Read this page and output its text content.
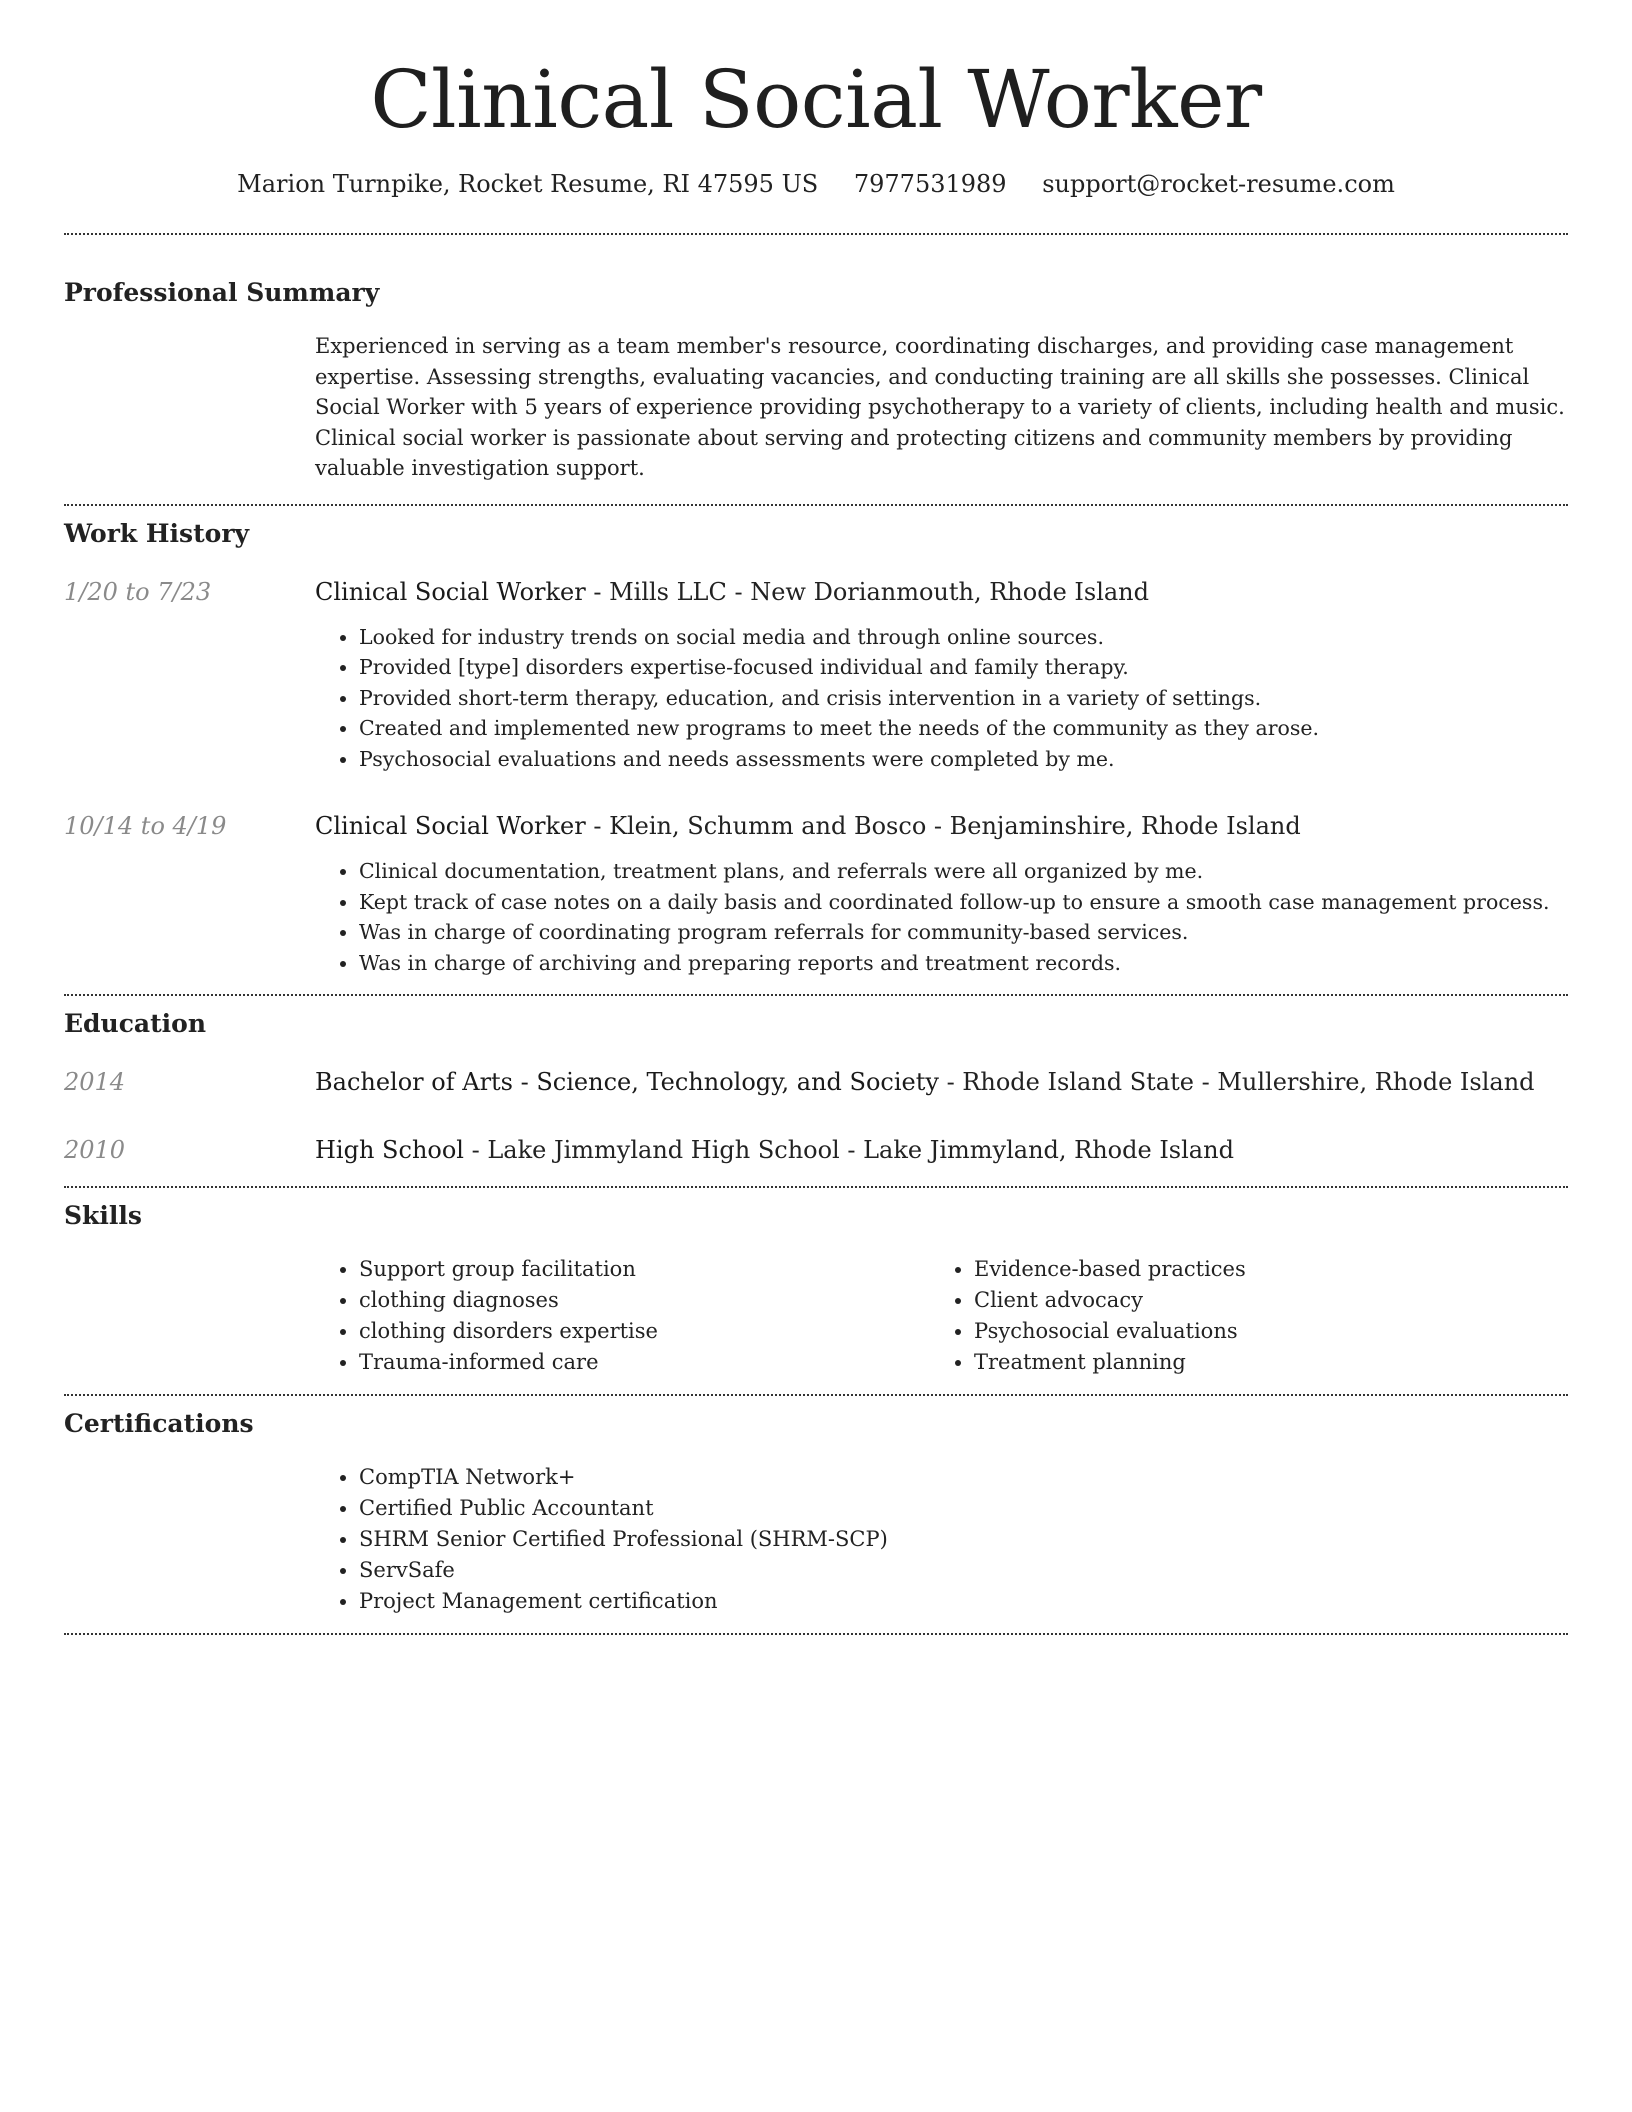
Clinical Social Worker
Marion Turnpike, Rocket Resume, RI 47595 US 7977531989 support@rocket-resume.com
Professional Summary
Experienced in serving as a team member's resource, coordinating discharges, and providing case management expertise. Assessing strengths, evaluating vacancies, and conducting training are all skills she possesses. Clinical Social Worker with 5 years of experience providing psychotherapy to a variety of clients, including health and music. Clinical social worker is passionate about serving and protecting citizens and community members by providing valuable investigation support.
Work History
1/20 to 7/23	Clinical Social Worker - Mills LLC - New Dorianmouth, Rhode Island
• Looked for industry trends on social media and through online sources.
• Provided [type] disorders expertise-focused individual and family therapy.
• Provided short-term therapy, education, and crisis intervention in a variety of settings.
• Created and implemented new programs to meet the needs of the community as they arose.
• Psychosocial evaluations and needs assessments were completed by me.
10/14 to 4/19	Clinical Social Worker - Klein, Schumm and Bosco - Benjaminshire, Rhode Island
• Clinical documentation, treatment plans, and referrals were all organized by me.
• Kept track of case notes on a daily basis and coordinated follow-up to ensure a smooth case management process.
• Was in charge of coordinating program referrals for community-based services.
• Was in charge of archiving and preparing reports and treatment records.
Education
2014	Bachelor of Arts - Science, Technology, and Society - Rhode Island State - Mullershire, Rhode Island
2010	High School - Lake Jimmyland High School - Lake Jimmyland, Rhode Island
Skills
• Support group facilitation
• clothing diagnoses
• clothing disorders expertise
• Trauma-informed care
• Evidence-based practices
• Client advocacy
• Psychosocial evaluations
• Treatment planning
Certifications
• CompTIA Network+
• Certified Public Accountant
• SHRM Senior Certified Professional (SHRM-SCP)
• ServSafe
• Project Management certification
